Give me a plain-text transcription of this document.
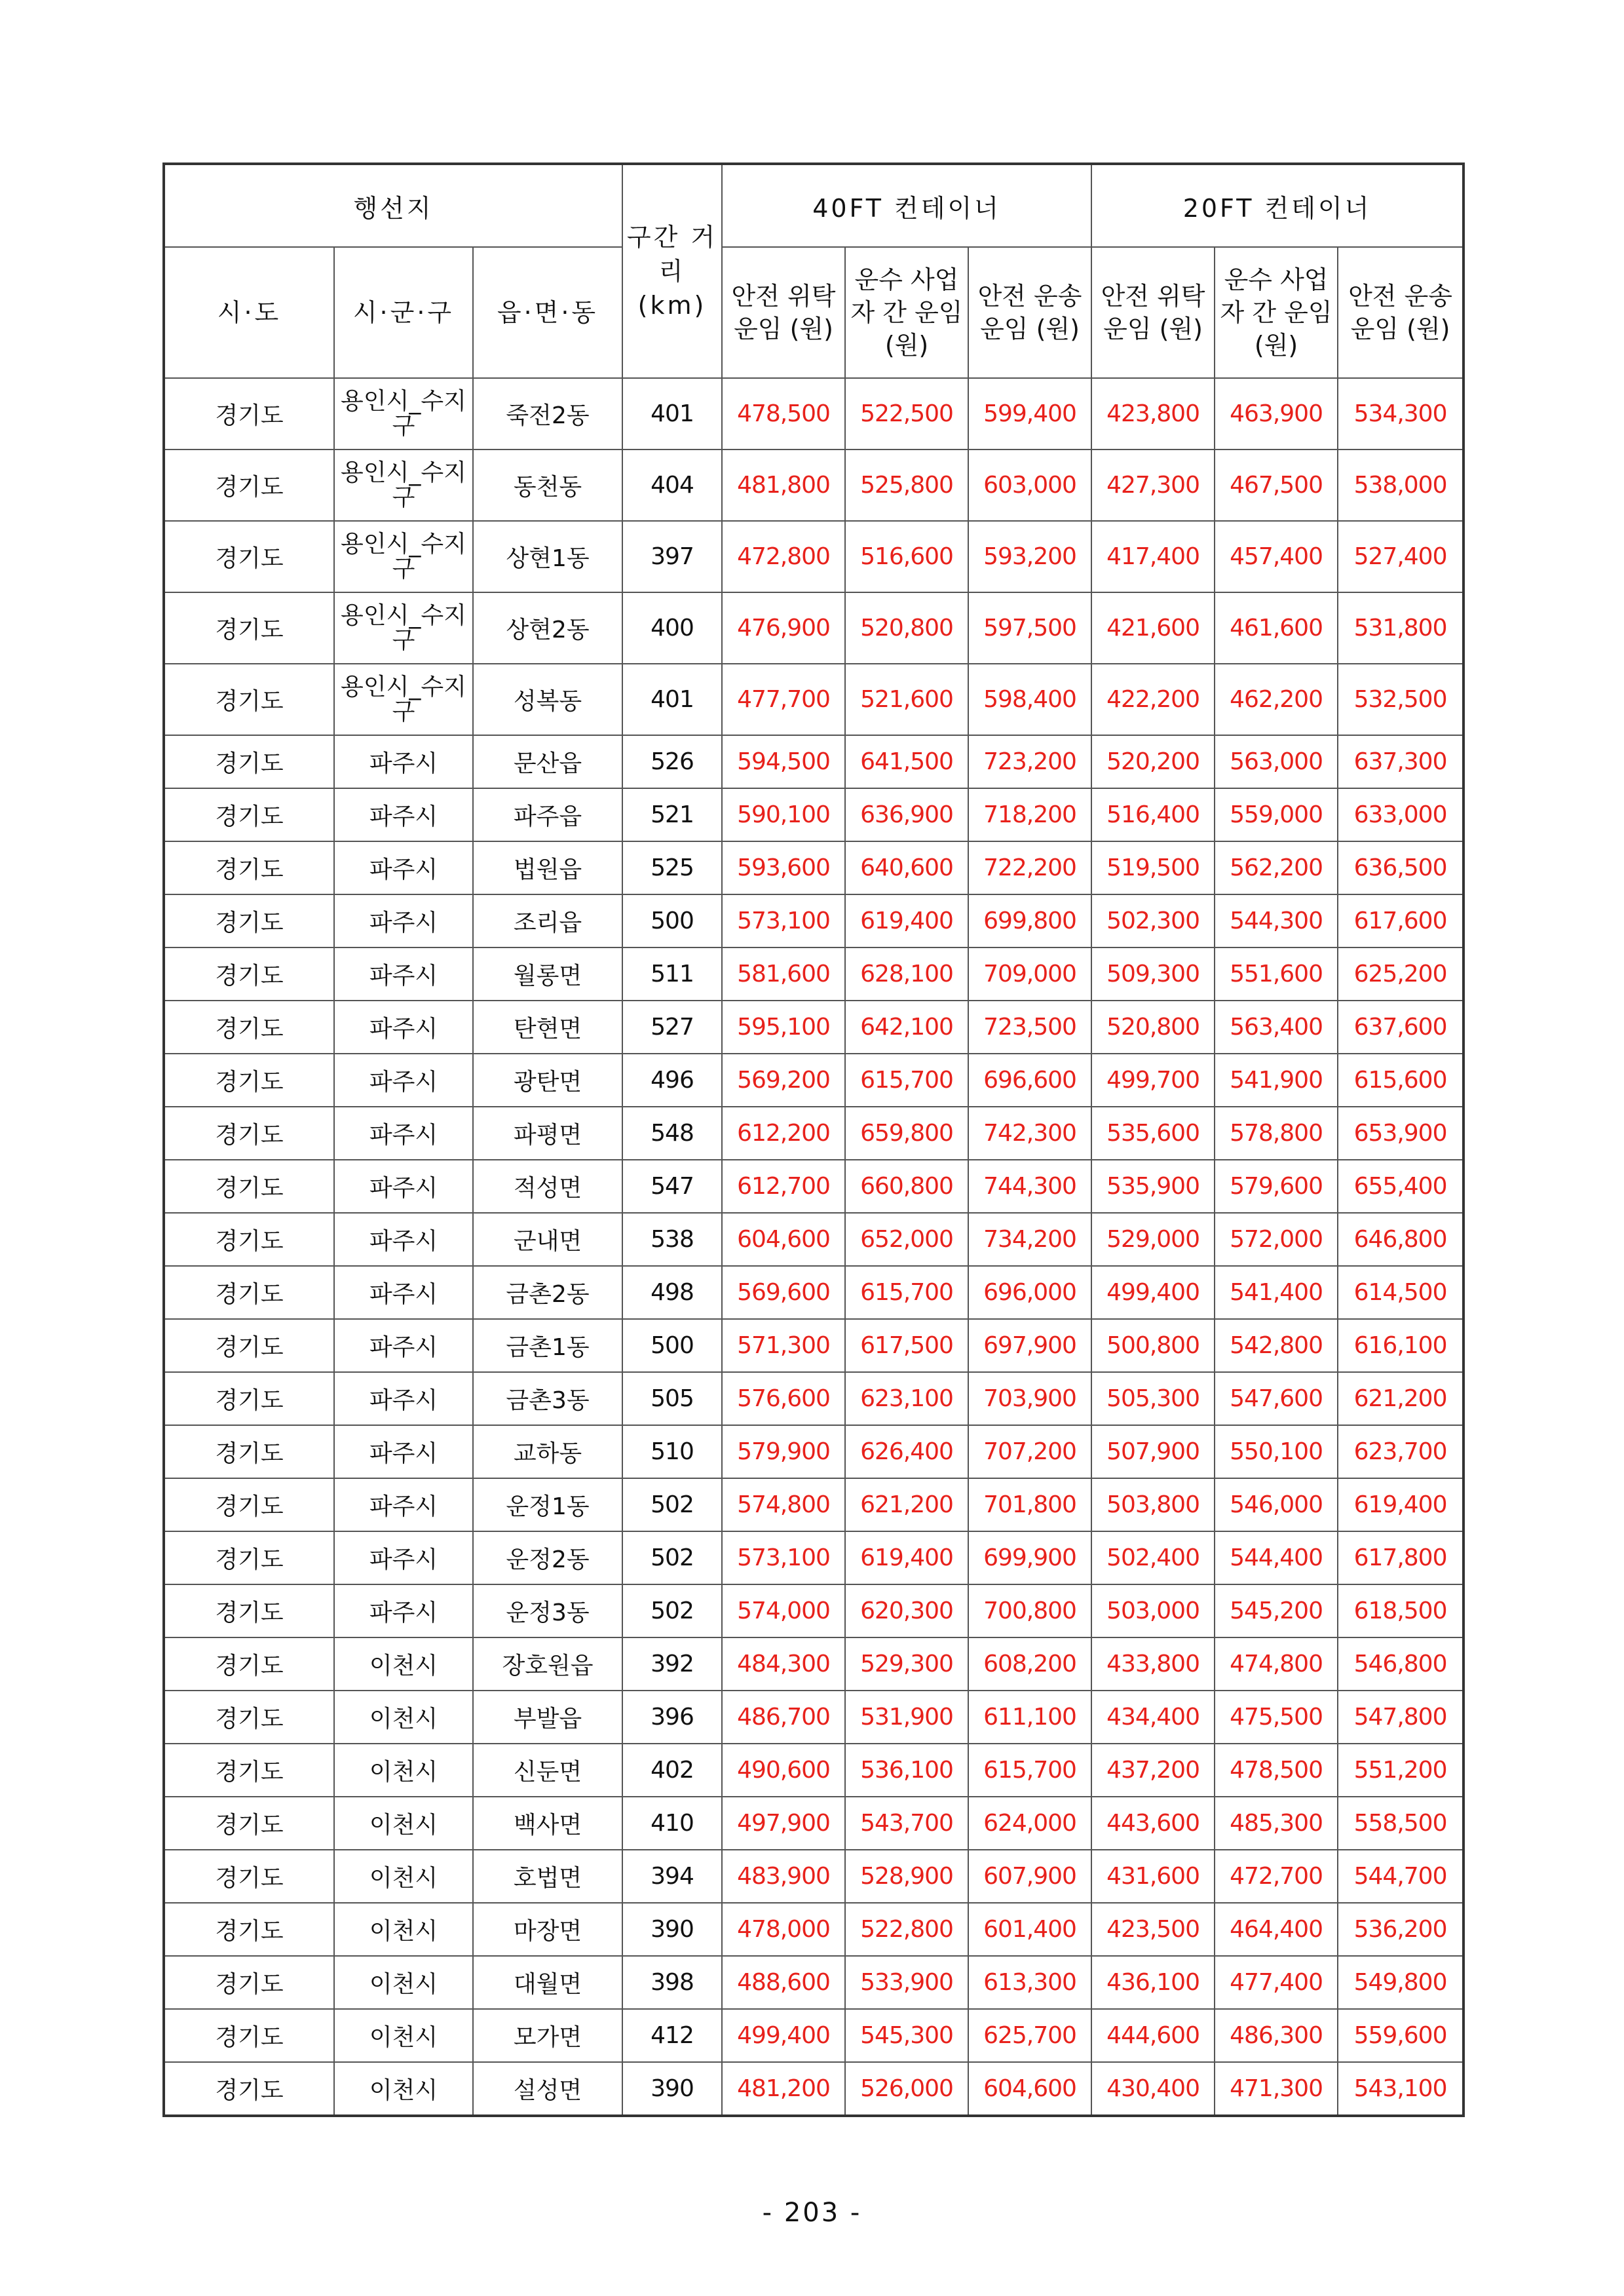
행선지			구간 거리 (km)	40FT 컨테이너			20FT 컨테이너		
시·도	시·군·구	읍·면·동		안전 위탁 운임 (원)	운수 사업자 간 운임 (원)	안전 운송 운임 (원)	안전 위탁 운임 (원)	운수 사업자 간 운임 (원)	안전 운송 운임 (원)
경기도	용인시_수지구	죽전2동	401	478,500	522,500	599,400	423,800	463,900	534,300
경기도	용인시_수지구	동천동	404	481,800	525,800	603,000	427,300	467,500	538,000
경기도	용인시_수지구	상현1동	397	472,800	516,600	593,200	417,400	457,400	527,400
경기도	용인시_수지구	상현2동	400	476,900	520,800	597,500	421,600	461,600	531,800
경기도	용인시_수지구	성복동	401	477,700	521,600	598,400	422,200	462,200	532,500
경기도	파주시	문산읍	526	594,500	641,500	723,200	520,200	563,000	637,300
경기도	파주시	파주읍	521	590,100	636,900	718,200	516,400	559,000	633,000
경기도	파주시	법원읍	525	593,600	640,600	722,200	519,500	562,200	636,500
경기도	파주시	조리읍	500	573,100	619,400	699,800	502,300	544,300	617,600
경기도	파주시	월롱면	511	581,600	628,100	709,000	509,300	551,600	625,200
경기도	파주시	탄현면	527	595,100	642,100	723,500	520,800	563,400	637,600
경기도	파주시	광탄면	496	569,200	615,700	696,600	499,700	541,900	615,600
경기도	파주시	파평면	548	612,200	659,800	742,300	535,600	578,800	653,900
경기도	파주시	적성면	547	612,700	660,800	744,300	535,900	579,600	655,400
경기도	파주시	군내면	538	604,600	652,000	734,200	529,000	572,000	646,800
경기도	파주시	금촌2동	498	569,600	615,700	696,000	499,400	541,400	614,500
경기도	파주시	금촌1동	500	571,300	617,500	697,900	500,800	542,800	616,100
경기도	파주시	금촌3동	505	576,600	623,100	703,900	505,300	547,600	621,200
경기도	파주시	교하동	510	579,900	626,400	707,200	507,900	550,100	623,700
경기도	파주시	운정1동	502	574,800	621,200	701,800	503,800	546,000	619,400
경기도	파주시	운정2동	502	573,100	619,400	699,900	502,400	544,400	617,800
경기도	파주시	운정3동	502	574,000	620,300	700,800	503,000	545,200	618,500
경기도	이천시	장호원읍	392	484,300	529,300	608,200	433,800	474,800	546,800
경기도	이천시	부발읍	396	486,700	531,900	611,100	434,400	475,500	547,800
경기도	이천시	신둔면	402	490,600	536,100	615,700	437,200	478,500	551,200
경기도	이천시	백사면	410	497,900	543,700	624,000	443,600	485,300	558,500
경기도	이천시	호법면	394	483,900	528,900	607,900	431,600	472,700	544,700
경기도	이천시	마장면	390	478,000	522,800	601,400	423,500	464,400	536,200
경기도	이천시	대월면	398	488,600	533,900	613,300	436,100	477,400	549,800
경기도	이천시	모가면	412	499,400	545,300	625,700	444,600	486,300	559,600
경기도	이천시	설성면	390	481,200	526,000	604,600	430,400	471,300	543,100
- 203 -
